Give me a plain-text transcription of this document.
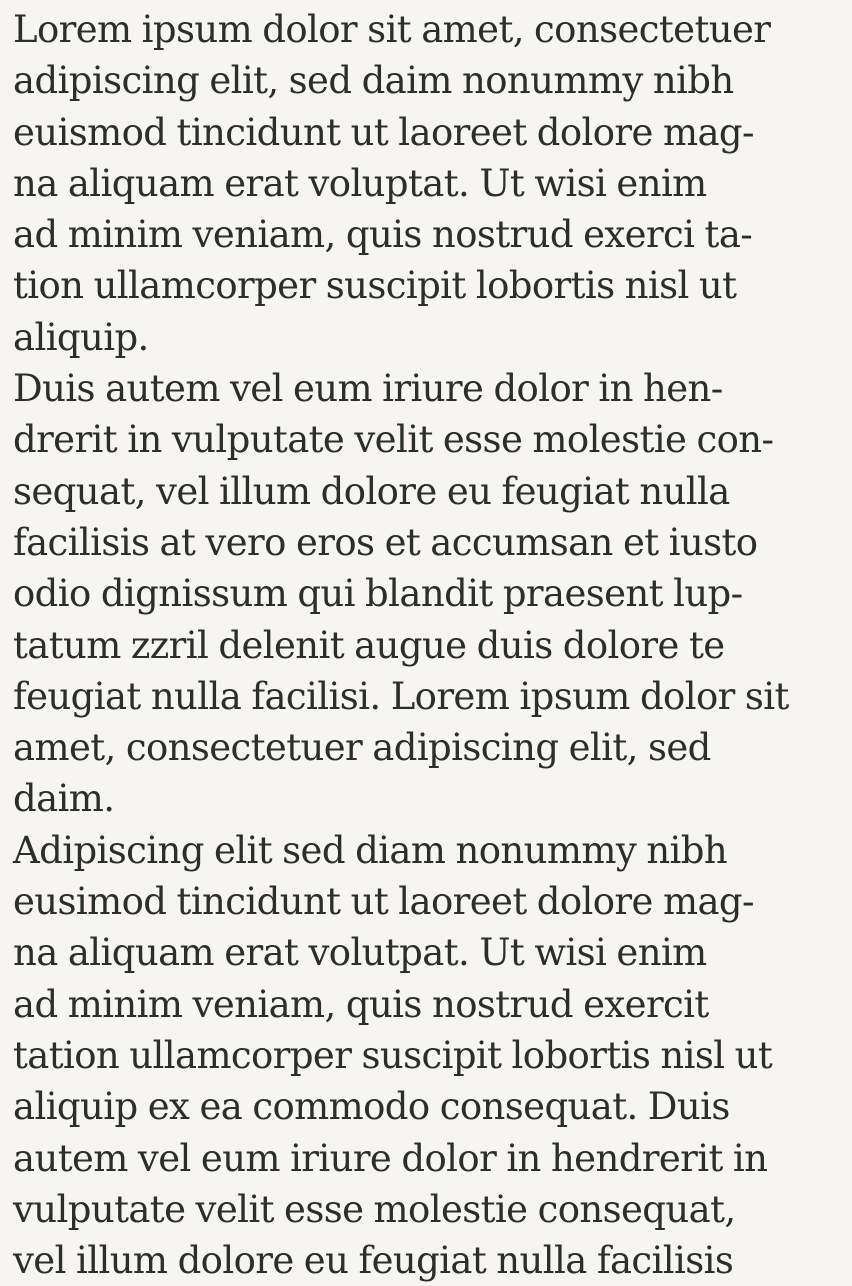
Lorem ipsum dolor sit amet, consectetuer
adipiscing elit, sed daim nonummy nibh
euismod tincidunt ut laoreet dolore mag-
na aliquam erat voluptat. Ut wisi enim
ad minim veniam, quis nostrud exerci ta-
tion ullamcorper suscipit lobortis nisl ut
aliquip.
Duis autem vel eum iriure dolor in hen-
drerit in vulputate velit esse molestie con-
sequat, vel illum dolore eu feugiat nulla
facilisis at vero eros et accumsan et iusto
odio dignissum qui blandit praesent lup-
tatum zzril delenit augue duis dolore te
feugiat nulla facilisi. Lorem ipsum dolor sit
amet, consectetuer adipiscing elit, sed
daim.
Adipiscing elit sed diam nonummy nibh
eusimod tincidunt ut laoreet dolore mag-
na aliquam erat volutpat. Ut wisi enim
ad minim veniam, quis nostrud exercit
tation ullamcorper suscipit lobortis nisl ut
aliquip ex ea commodo consequat. Duis
autem vel eum iriure dolor in hendrerit in
vulputate velit esse molestie consequat,
vel illum dolore eu feugiat nulla facilisis
